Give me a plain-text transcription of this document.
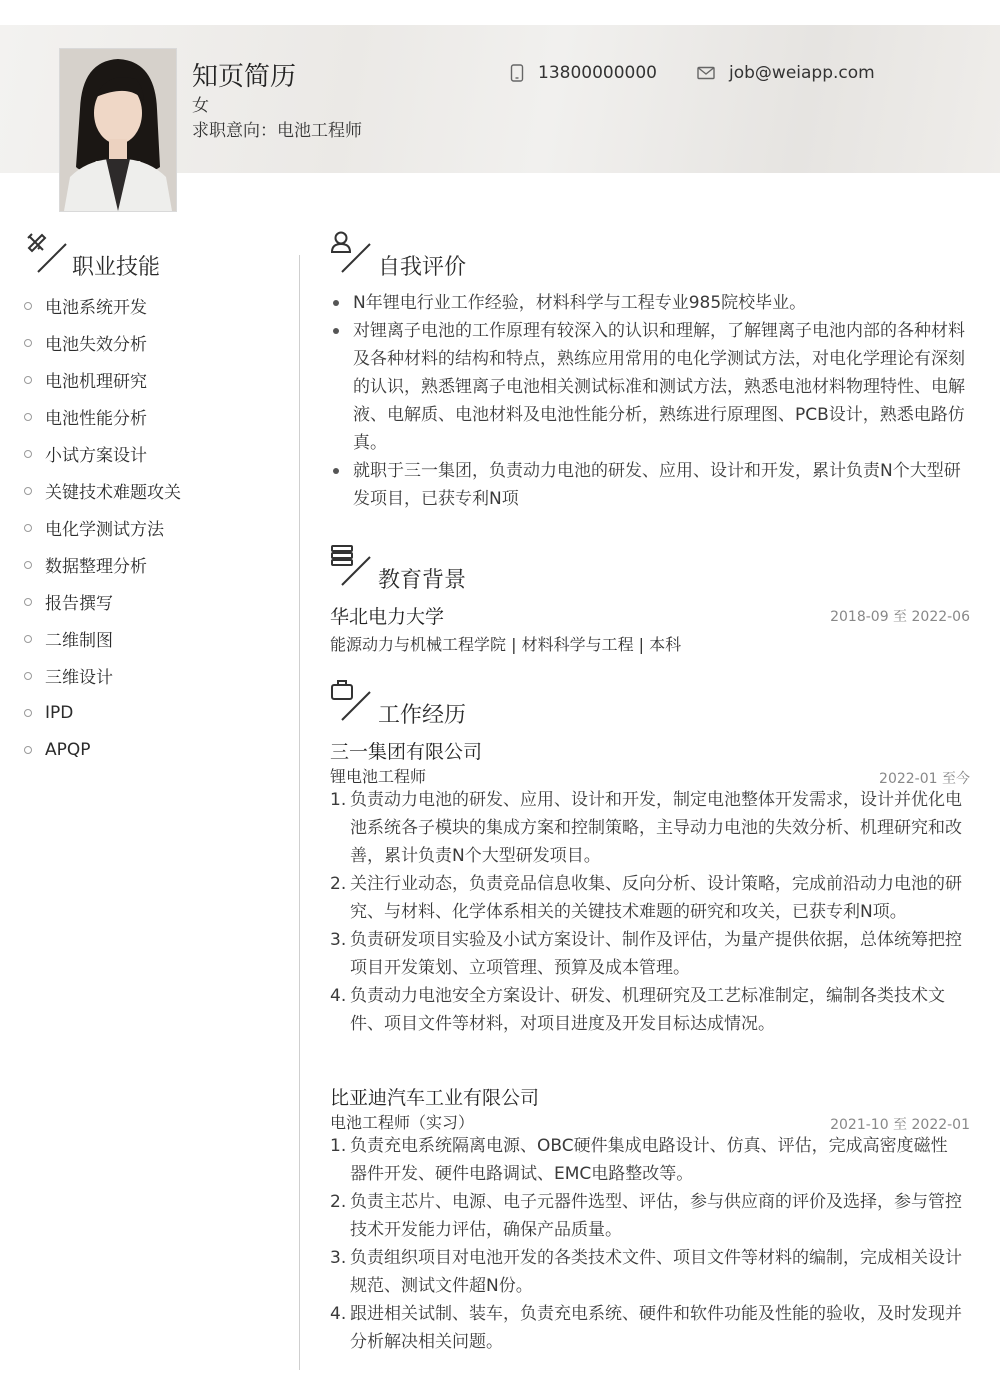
知页简历
女
求职意向：电池工程师
13800000000	job@weiapp.com
职业技能
电池系统开发
电池失效分析
电池机理研究
电池性能分析
小试方案设计
关键技术难题攻关
电化学测试方法
数据整理分析
报告撰写
二维制图
三维设计
IPD
APQP
自我评价
N年锂电行业工作经验，材料科学与工程专业985院校毕业。
对锂离子电池的工作原理有较深入的认识和理解，了解锂离子电池内部的各种材料及各种材料的结构和特点，熟练应用常用的电化学测试方法，对电化学理论有深刻的认识，熟悉锂离子电池相关测试标准和测试方法，熟悉电池材料物理特性、电解液、电解质、电池材料及电池性能分析，熟练进行原理图、PCB设计，熟悉电路仿真。
就职于三一集团，负责动力电池的研发、应用、设计和开发，累计负责N个大型研发项目，已获专利N项
教育背景
华北电力大学	2018-09 至 2022-06
能源动力与机械工程学院 | 材料科学与工程 | 本科
工作经历
三一集团有限公司
锂电池工程师	2022-01 至今
1. 负责动力电池的研发、应用、设计和开发，制定电池整体开发需求，设计并优化电池系统各子模块的集成方案和控制策略，主导动力电池的失效分析、机理研究和改善，累计负责N个大型研发项目。
2. 关注行业动态，负责竞品信息收集、反向分析、设计策略，完成前沿动力电池的研究、与材料、化学体系相关的关键技术难题的研究和攻关，已获专利N项。
3. 负责研发项目实验及小试方案设计、制作及评估，为量产提供依据，总体统筹把控项目开发策划、立项管理、预算及成本管理。
4. 负责动力电池安全方案设计、研发、机理研究及工艺标准制定，编制各类技术文件、项目文件等材料，对项目进度及开发目标达成情况。
比亚迪汽车工业有限公司
电池工程师（实习）	2021-10 至 2022-01
1. 负责充电系统隔离电源、OBC硬件集成电路设计、仿真、评估，完成高密度磁性器件开发、硬件电路调试、EMC电路整改等。
2. 负责主芯片、电源、电子元器件选型、评估，参与供应商的评价及选择，参与管控技术开发能力评估，确保产品质量。
3. 负责组织项目对电池开发的各类技术文件、项目文件等材料的编制，完成相关设计规范、测试文件超N份。
4. 跟进相关试制、装车，负责充电系统、硬件和软件功能及性能的验收，及时发现并分析解决相关问题。
